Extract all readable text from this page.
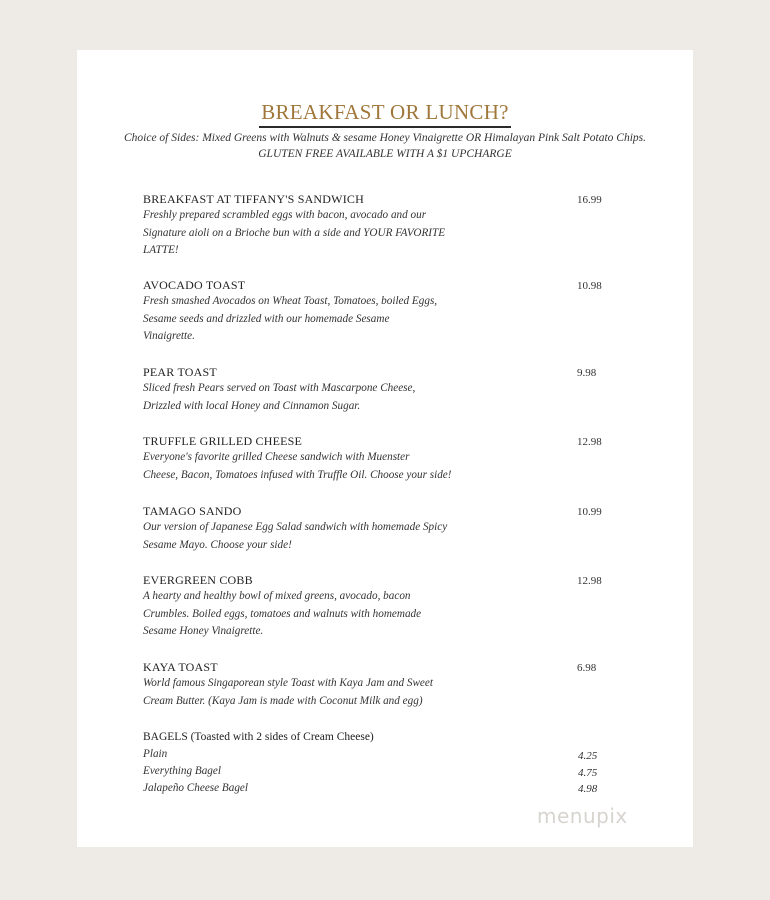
BREAKFAST OR LUNCH?
Choice of Sides: Mixed Greens with Walnuts & sesame Honey Vinaigrette OR Himalayan Pink Salt Potato Chips.
GLUTEN FREE AVAILABLE WITH A $1 UPCHARGE
BREAKFAST AT TIFFANY'S SANDWICH
Freshly prepared scrambled eggs with bacon, avocado and our
Signature aioli on a Brioche bun with a side and YOUR FAVORITE
LATTE!
16.99
AVOCADO TOAST
Fresh smashed Avocados on Wheat Toast, Tomatoes, boiled Eggs,
Sesame seeds and drizzled with our homemade Sesame
Vinaigrette.
10.98
PEAR TOAST
Sliced fresh Pears served on Toast with Mascarpone Cheese,
Drizzled with local Honey and Cinnamon Sugar.
9.98
TRUFFLE GRILLED CHEESE
Everyone's favorite grilled Cheese sandwich with Muenster
Cheese, Bacon, Tomatoes infused with Truffle Oil. Choose your side!
12.98
TAMAGO SANDO
Our version of Japanese Egg Salad sandwich with homemade Spicy
Sesame Mayo. Choose your side!
10.99
EVERGREEN COBB
A hearty and healthy bowl of mixed greens, avocado, bacon
Crumbles. Boiled eggs, tomatoes and walnuts with homemade
Sesame Honey Vinaigrette.
12.98
KAYA TOAST
World famous Singaporean style Toast with Kaya Jam and Sweet
Cream Butter. (Kaya Jam is made with Coconut Milk and egg)
6.98
BAGELS (Toasted with 2 sides of Cream Cheese)
Plain	4.25
Everything Bagel	4.75
Jalapeño Cheese Bagel	4.98
menupix
